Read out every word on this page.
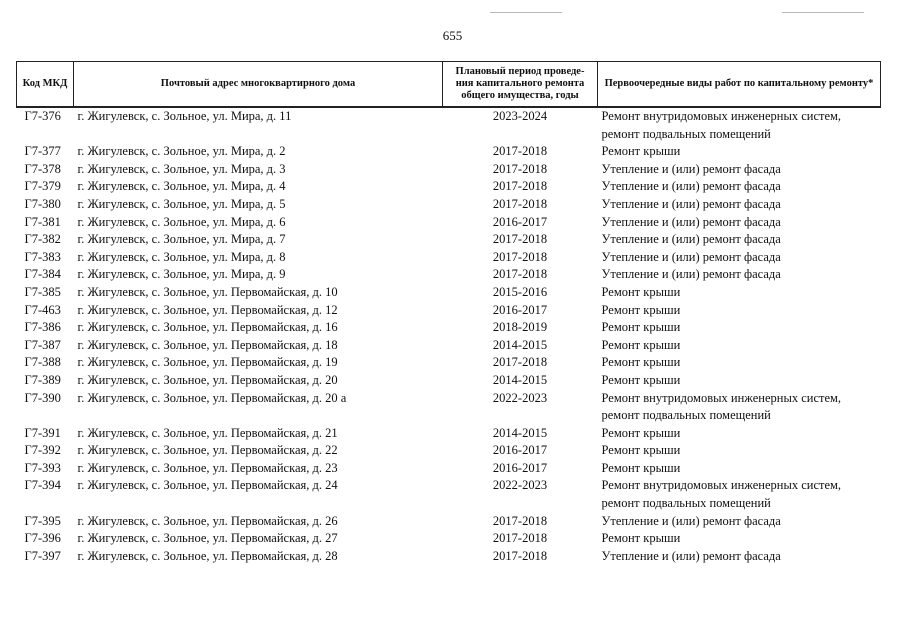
655
Код МКД	Почтовый адрес многоквартирного дома	Плановый период проведе-ния капитального ремонта общего имущества, годы	Первоочередные виды работ по капитальному ремонту*
Г7-376	г. Жигулевск, с. Зольное, ул. Мира, д. 11	2023-2024	Ремонт внутридомовых инженерных систем, ремонт подвальных помещений
Г7-377	г. Жигулевск, с. Зольное, ул. Мира, д. 2	2017-2018	Ремонт крыши
Г7-378	г. Жигулевск, с. Зольное, ул. Мира, д. 3	2017-2018	Утепление и (или) ремонт фасада
Г7-379	г. Жигулевск, с. Зольное, ул. Мира, д. 4	2017-2018	Утепление и (или) ремонт фасада
Г7-380	г. Жигулевск, с. Зольное, ул. Мира, д. 5	2017-2018	Утепление и (или) ремонт фасада
Г7-381	г. Жигулевск, с. Зольное, ул. Мира, д. 6	2016-2017	Утепление и (или) ремонт фасада
Г7-382	г. Жигулевск, с. Зольное, ул. Мира, д. 7	2017-2018	Утепление и (или) ремонт фасада
Г7-383	г. Жигулевск, с. Зольное, ул. Мира, д. 8	2017-2018	Утепление и (или) ремонт фасада
Г7-384	г. Жигулевск, с. Зольное, ул. Мира, д. 9	2017-2018	Утепление и (или) ремонт фасада
Г7-385	г. Жигулевск, с. Зольное, ул. Первомайская, д. 10	2015-2016	Ремонт крыши
Г7-463	г. Жигулевск, с. Зольное, ул. Первомайская, д. 12	2016-2017	Ремонт крыши
Г7-386	г. Жигулевск, с. Зольное, ул. Первомайская, д. 16	2018-2019	Ремонт крыши
Г7-387	г. Жигулевск, с. Зольное, ул. Первомайская, д. 18	2014-2015	Ремонт крыши
Г7-388	г. Жигулевск, с. Зольное, ул. Первомайская, д. 19	2017-2018	Ремонт крыши
Г7-389	г. Жигулевск, с. Зольное, ул. Первомайская, д. 20	2014-2015	Ремонт крыши
Г7-390	г. Жигулевск, с. Зольное, ул. Первомайская, д. 20 а	2022-2023	Ремонт внутридомовых инженерных систем, ремонт подвальных помещений
Г7-391	г. Жигулевск, с. Зольное, ул. Первомайская, д. 21	2014-2015	Ремонт крыши
Г7-392	г. Жигулевск, с. Зольное, ул. Первомайская, д. 22	2016-2017	Ремонт крыши
Г7-393	г. Жигулевск, с. Зольное, ул. Первомайская, д. 23	2016-2017	Ремонт крыши
Г7-394	г. Жигулевск, с. Зольное, ул. Первомайская, д. 24	2022-2023	Ремонт внутридомовых инженерных систем, ремонт подвальных помещений
Г7-395	г. Жигулевск, с. Зольное, ул. Первомайская, д. 26	2017-2018	Утепление и (или) ремонт фасада
Г7-396	г. Жигулевск, с. Зольное, ул. Первомайская, д. 27	2017-2018	Ремонт крыши
Г7-397	г. Жигулевск, с. Зольное, ул. Первомайская, д. 28	2017-2018	Утепление и (или) ремонт фасада
